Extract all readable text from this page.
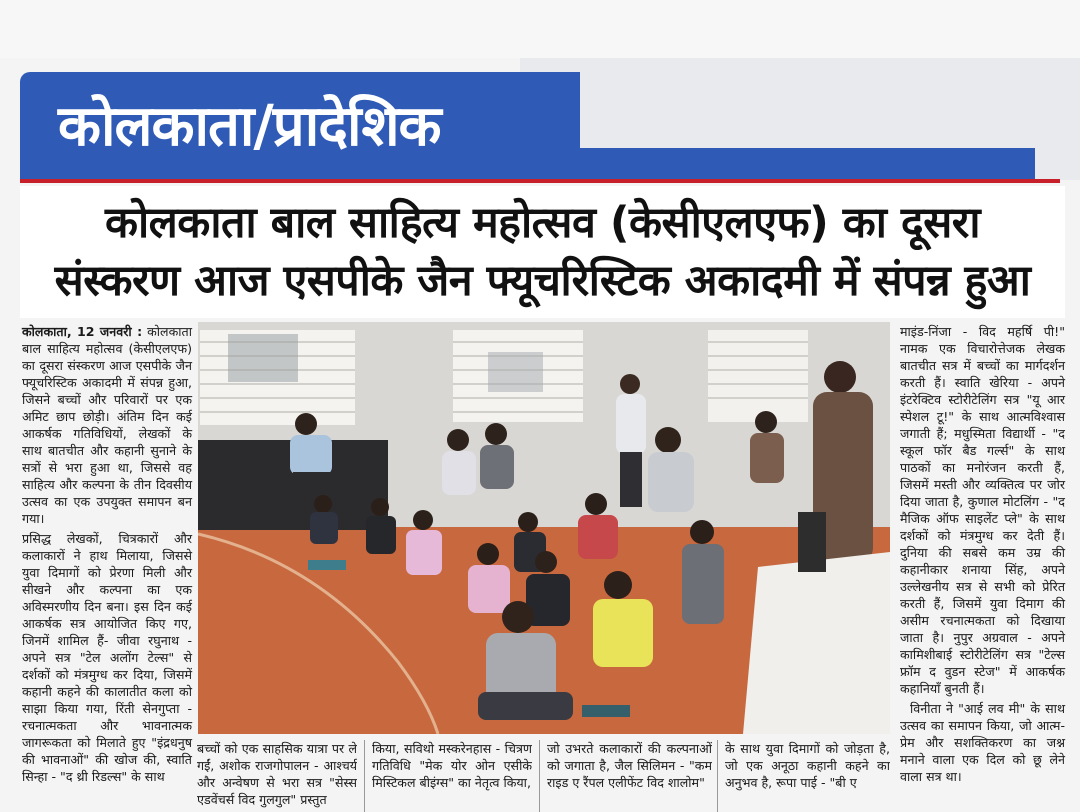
कोलकाता/प्रादेशिक
कोलकाता बाल साहित्य महोत्सव (केसीएलएफ) का दूसरा
संस्करण आज एसपीके जैन फ्यूचरिस्टिक अकादमी में संपन्न हुआ

कोलकाता, 12 जनवरी : कोलकाता बाल साहित्य महोत्सव (केसीएलएफ) का दूसरा संस्करण आज एसपीके जैन फ्यूचरिस्टिक अकादमी में संपन्न हुआ, जिसने बच्चों और परिवारों पर एक अमिट छाप छोड़ी। अंतिम दिन कई आकर्षक गतिविधियों, लेखकों के साथ बातचीत और कहानी सुनाने के सत्रों से भरा हुआ था, जिससे वह साहित्य और कल्पना के तीन दिवसीय उत्सव का एक उपयुक्त समापन बन गया।

प्रसिद्ध लेखकों, चित्रकारों और कलाकारों ने हाथ मिलाया, जिससे युवा दिमागों को प्रेरणा मिली और सीखने और कल्पना का एक अविस्मरणीय दिन बना। इस दिन कई आकर्षक सत्र आयोजित किए गए, जिनमें शामिल हैं- जीवा रघुनाथ - अपने सत्र "टेल अलोंग टेल्स" से दर्शकों को मंत्रमुग्ध कर दिया, जिसमें कहानी कहने की कालातीत कला को साझा किया गया, रिंती सेनगुप्ता - रचनात्मकता और भावनात्मक जागरूकता को मिलाते हुए "इंद्रधनुष की भावनाओं" की खोज की, स्वाति सिन्हा - "द थ्री रिडल्स" के साथ

बच्चों को एक साहसिक यात्रा पर ले गईं, अशोक राजगोपालन - आश्चर्य और अन्वेषण से भरा सत्र "सेस्स एडवेंचर्स विद गुलगुल" प्रस्तुत

किया, सविथो मस्करेनहास - चित्रण गतिविधि "मेक योर ओन एसीके मिस्टिकल बीइंग्स" का नेतृत्व किया,

जो उभरते कलाकारों की कल्पनाओं को जगाता है, जैल सिलिमन - "कम राइड ए रैंपल एलीफेंट विद शालोम"

के साथ युवा दिमागों को जोड़ता है, जो एक अनूठा कहानी कहने का अनुभव है, रूपा पाई - "बी ए

माइंड-निंजा - विद महर्षि पी!" नामक एक विचारोत्तेजक लेखक बातचीत सत्र में बच्चों का मार्गदर्शन करती हैं। स्वाति खेरिया - अपने इंटरेक्टिव स्टोरीटेलिंग सत्र "यू आर स्पेशल टू!" के साथ आत्मविश्वास जगाती हैं; मधुस्मिता विद्यार्थी - "द स्कूल फॉर बैड गर्ल्स" के साथ पाठकों का मनोरंजन करती हैं, जिसमें मस्ती और व्यक्तित्व पर जोर दिया जाता है, कुणाल मोटलिंग - "द मैजिक ऑफ साइलेंट प्ले" के साथ दर्शकों को मंत्रमुग्ध कर देती हैं। दुनिया की सबसे कम उम्र की कहानीकार शनाया सिंह, अपने उल्लेखनीय सत्र से सभी को प्रेरित करती हैं, जिसमें युवा दिमाग की असीम रचनात्मकता को दिखाया जाता है। नुपुर अग्रवाल - अपने कामिशीबाई स्टोरीटेलिंग सत्र "टेल्स फ्रॉम द वुडन स्टेज" में आकर्षक कहानियाँ बुनती हैं।

विनीता ने "आई लव मी" के साथ उत्सव का समापन किया, जो आत्म-प्रेम और सशक्तिकरण का जश्न मनाने वाला एक दिल को छू लेने वाला सत्र था।
